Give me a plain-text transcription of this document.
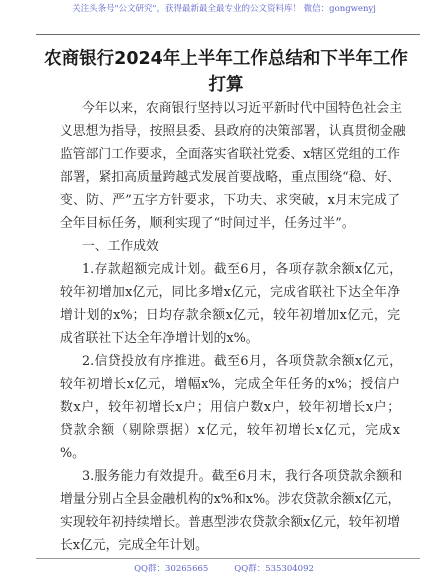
关注头条号"公文研究"，获得最新最全最专业的公文资料库！ 微信：gongwenyj
农商银行2024年上半年工作总结和下半年工作
打算
今年以来，农商银行坚持以习近平新时代中国特色社会主
义思想为指导，按照县委、县政府的决策部署，认真贯彻金融
监管部门工作要求，全面落实省联社党委、x辖区党组的工作
部署，紧扣高质量跨越式发展首要战略，重点围绕“稳、好、
变、防、严”五字方针要求，下功夫、求突破，x月末完成了
全年目标任务，顺利实现了“时间过半，任务过半”。
一、工作成效
1.存款超额完成计划。截至6月，各项存款余额x亿元，
较年初增加x亿元，同比多增x亿元，完成省联社下达全年净
增计划的x%；日均存款余额x亿元，较年初增加x亿元，完
成省联社下达全年净增计划的x%。
2.信贷投放有序推进。截至6月，各项贷款余额x亿元，
较年初增长x亿元，增幅x%，完成全年任务的x%；授信户
数x户，较年初增长x户；用信户数x户，较年初增长x户；
贷款余额（剔除票据）x亿元，较年初增长x亿元，完成x
%。
3.服务能力有效提升。截至6月末，我行各项贷款余额和
增量分别占全县金融机构的x%和x%。涉农贷款余额x亿元，
实现较年初持续增长。普惠型涉农贷款余额x亿元，较年初增
长x亿元，完成全年计划。
QQ群：30265665	QQ群：535304092
